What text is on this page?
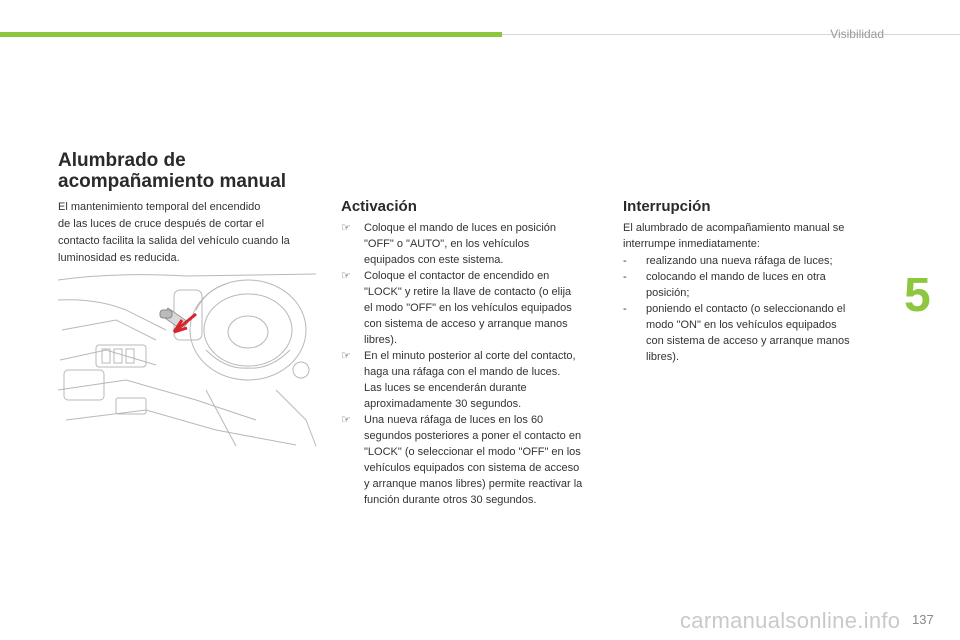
Visibilidad
5
Alumbrado de
acompañamiento manual

El mantenimiento temporal del encendido
de las luces de cruce después de cortar el
contacto facilita la salida del vehículo cuando la
luminosidad es reducida.

Activación
☞	Coloque el mando de luces en posición
"OFF" o "AUTO", en los vehículos
equipados con este sistema.
☞	Coloque el contactor de encendido en
"LOCK" y retire la llave de contacto (o elija
el modo "OFF" en los vehículos equipados
con sistema de acceso y arranque manos
libres).
☞	En el minuto posterior al corte del contacto,
haga una ráfaga con el mando de luces.
Las luces se encenderán durante
aproximadamente 30 segundos.
☞	Una nueva ráfaga de luces en los 60
segundos posteriores a poner el contacto en
"LOCK" (o seleccionar el modo "OFF" en los
vehículos equipados con sistema de acceso
y arranque manos libres) permite reactivar la
función durante otros 30 segundos.
Interrupción

El alumbrado de acompañamiento manual se
interrumpe inmediatamente:

-	realizando una nueva ráfaga de luces;
-	colocando el mando de luces en otra
posición;
-	poniendo el contacto (o seleccionando el
modo "ON" en los vehículos equipados
con sistema de acceso y arranque manos
libres).
137
carmanualsonline.info
